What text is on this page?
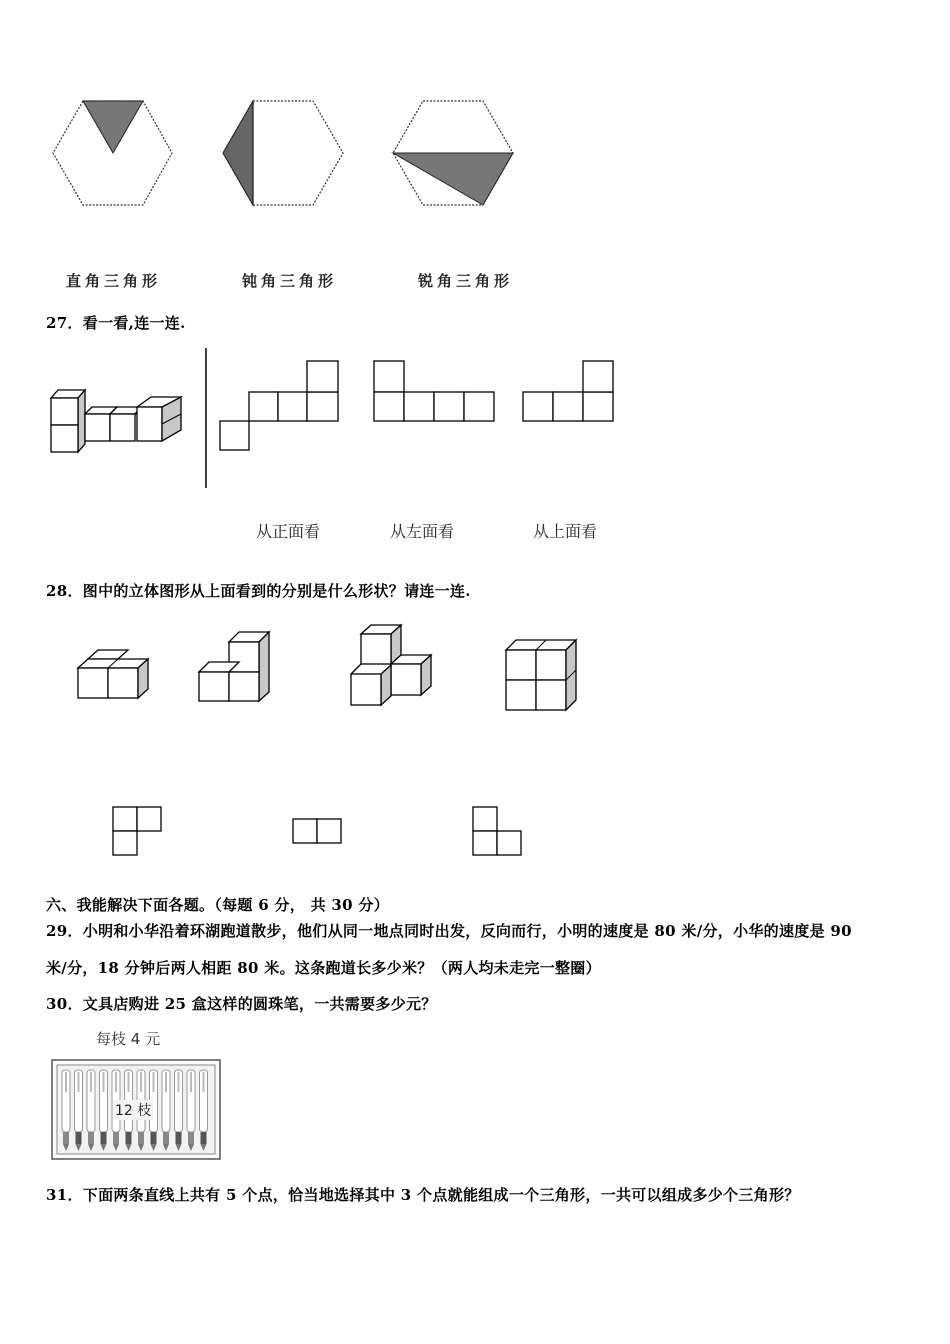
直角三角形	钝角三角形	锐角三角形
27．看一看,连一连.
从正面看	从左面看	从上面看
28．图中的立体图形从上面看到的分别是什么形状？请连一连.
六、我能解决下面各题。（每题 6 分， 共 30 分）
29．小明和小华沿着环湖跑道散步，他们从同一地点同时出发，反向而行，小明的速度是 80 米/分，小华的速度是 90
米/分，18 分钟后两人相距 80 米。这条跑道长多少米？（两人均未走完一整圈）
30．文具店购进 25 盒这样的圆珠笔，一共需要多少元？
每枝 4 元
12 枝
31．下面两条直线上共有 5 个点，恰当地选择其中 3 个点就能组成一个三角形，一共可以组成多少个三角形？
